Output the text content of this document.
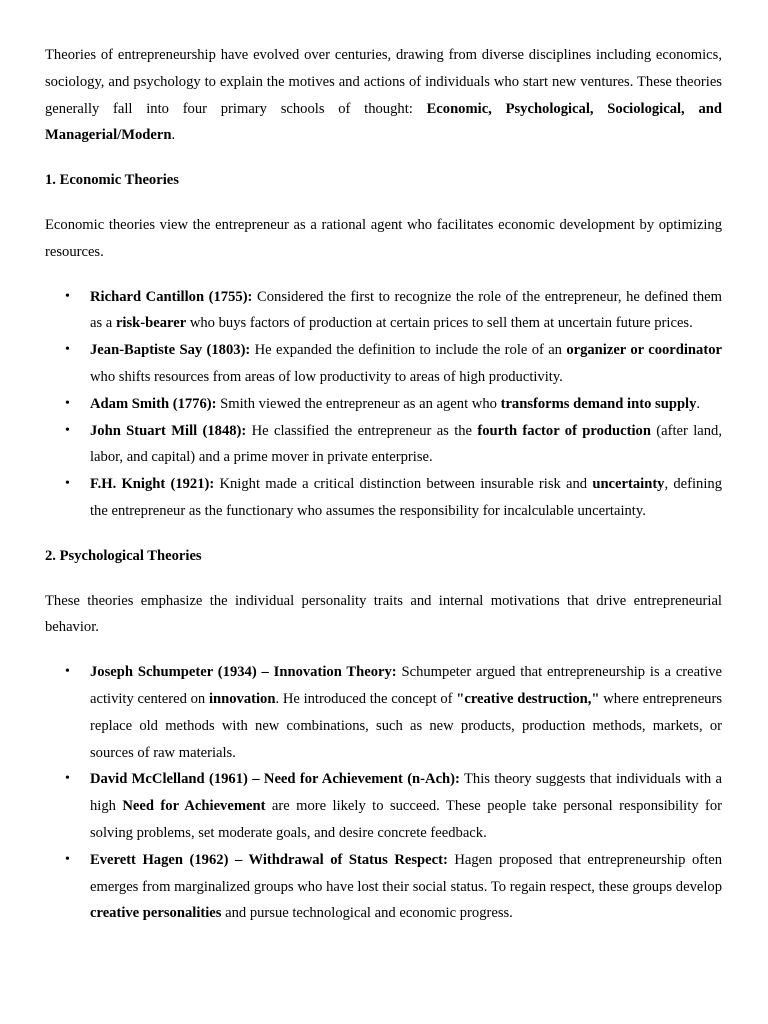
Theories of entrepreneurship have evolved over centuries, drawing from diverse disciplines including economics, sociology, and psychology to explain the motives and actions of individuals who start new ventures. These theories generally fall into four primary schools of thought: Economic, Psychological, Sociological, and Managerial/Modern.

1. Economic Theories

Economic theories view the entrepreneur as a rational agent who facilitates economic development by optimizing resources.

• Richard Cantillon (1755): Considered the first to recognize the role of the entrepreneur, he defined them as a risk-bearer who buys factors of production at certain prices to sell them at uncertain future prices.
• Jean-Baptiste Say (1803): He expanded the definition to include the role of an organizer or coordinator who shifts resources from areas of low productivity to areas of high productivity.
• Adam Smith (1776): Smith viewed the entrepreneur as an agent who transforms demand into supply.
• John Stuart Mill (1848): He classified the entrepreneur as the fourth factor of production (after land, labor, and capital) and a prime mover in private enterprise.
• F.H. Knight (1921): Knight made a critical distinction between insurable risk and uncertainty, defining the entrepreneur as the functionary who assumes the responsibility for incalculable uncertainty.

2. Psychological Theories

These theories emphasize the individual personality traits and internal motivations that drive entrepreneurial behavior.

• Joseph Schumpeter (1934) – Innovation Theory: Schumpeter argued that entrepreneurship is a creative activity centered on innovation. He introduced the concept of "creative destruction," where entrepreneurs replace old methods with new combinations, such as new products, production methods, markets, or sources of raw materials.
• David McClelland (1961) – Need for Achievement (n-Ach): This theory suggests that individuals with a high Need for Achievement are more likely to succeed. These people take personal responsibility for solving problems, set moderate goals, and desire concrete feedback.
• Everett Hagen (1962) – Withdrawal of Status Respect: Hagen proposed that entrepreneurship often emerges from marginalized groups who have lost their social status. To regain respect, these groups develop creative personalities and pursue technological and economic progress.
